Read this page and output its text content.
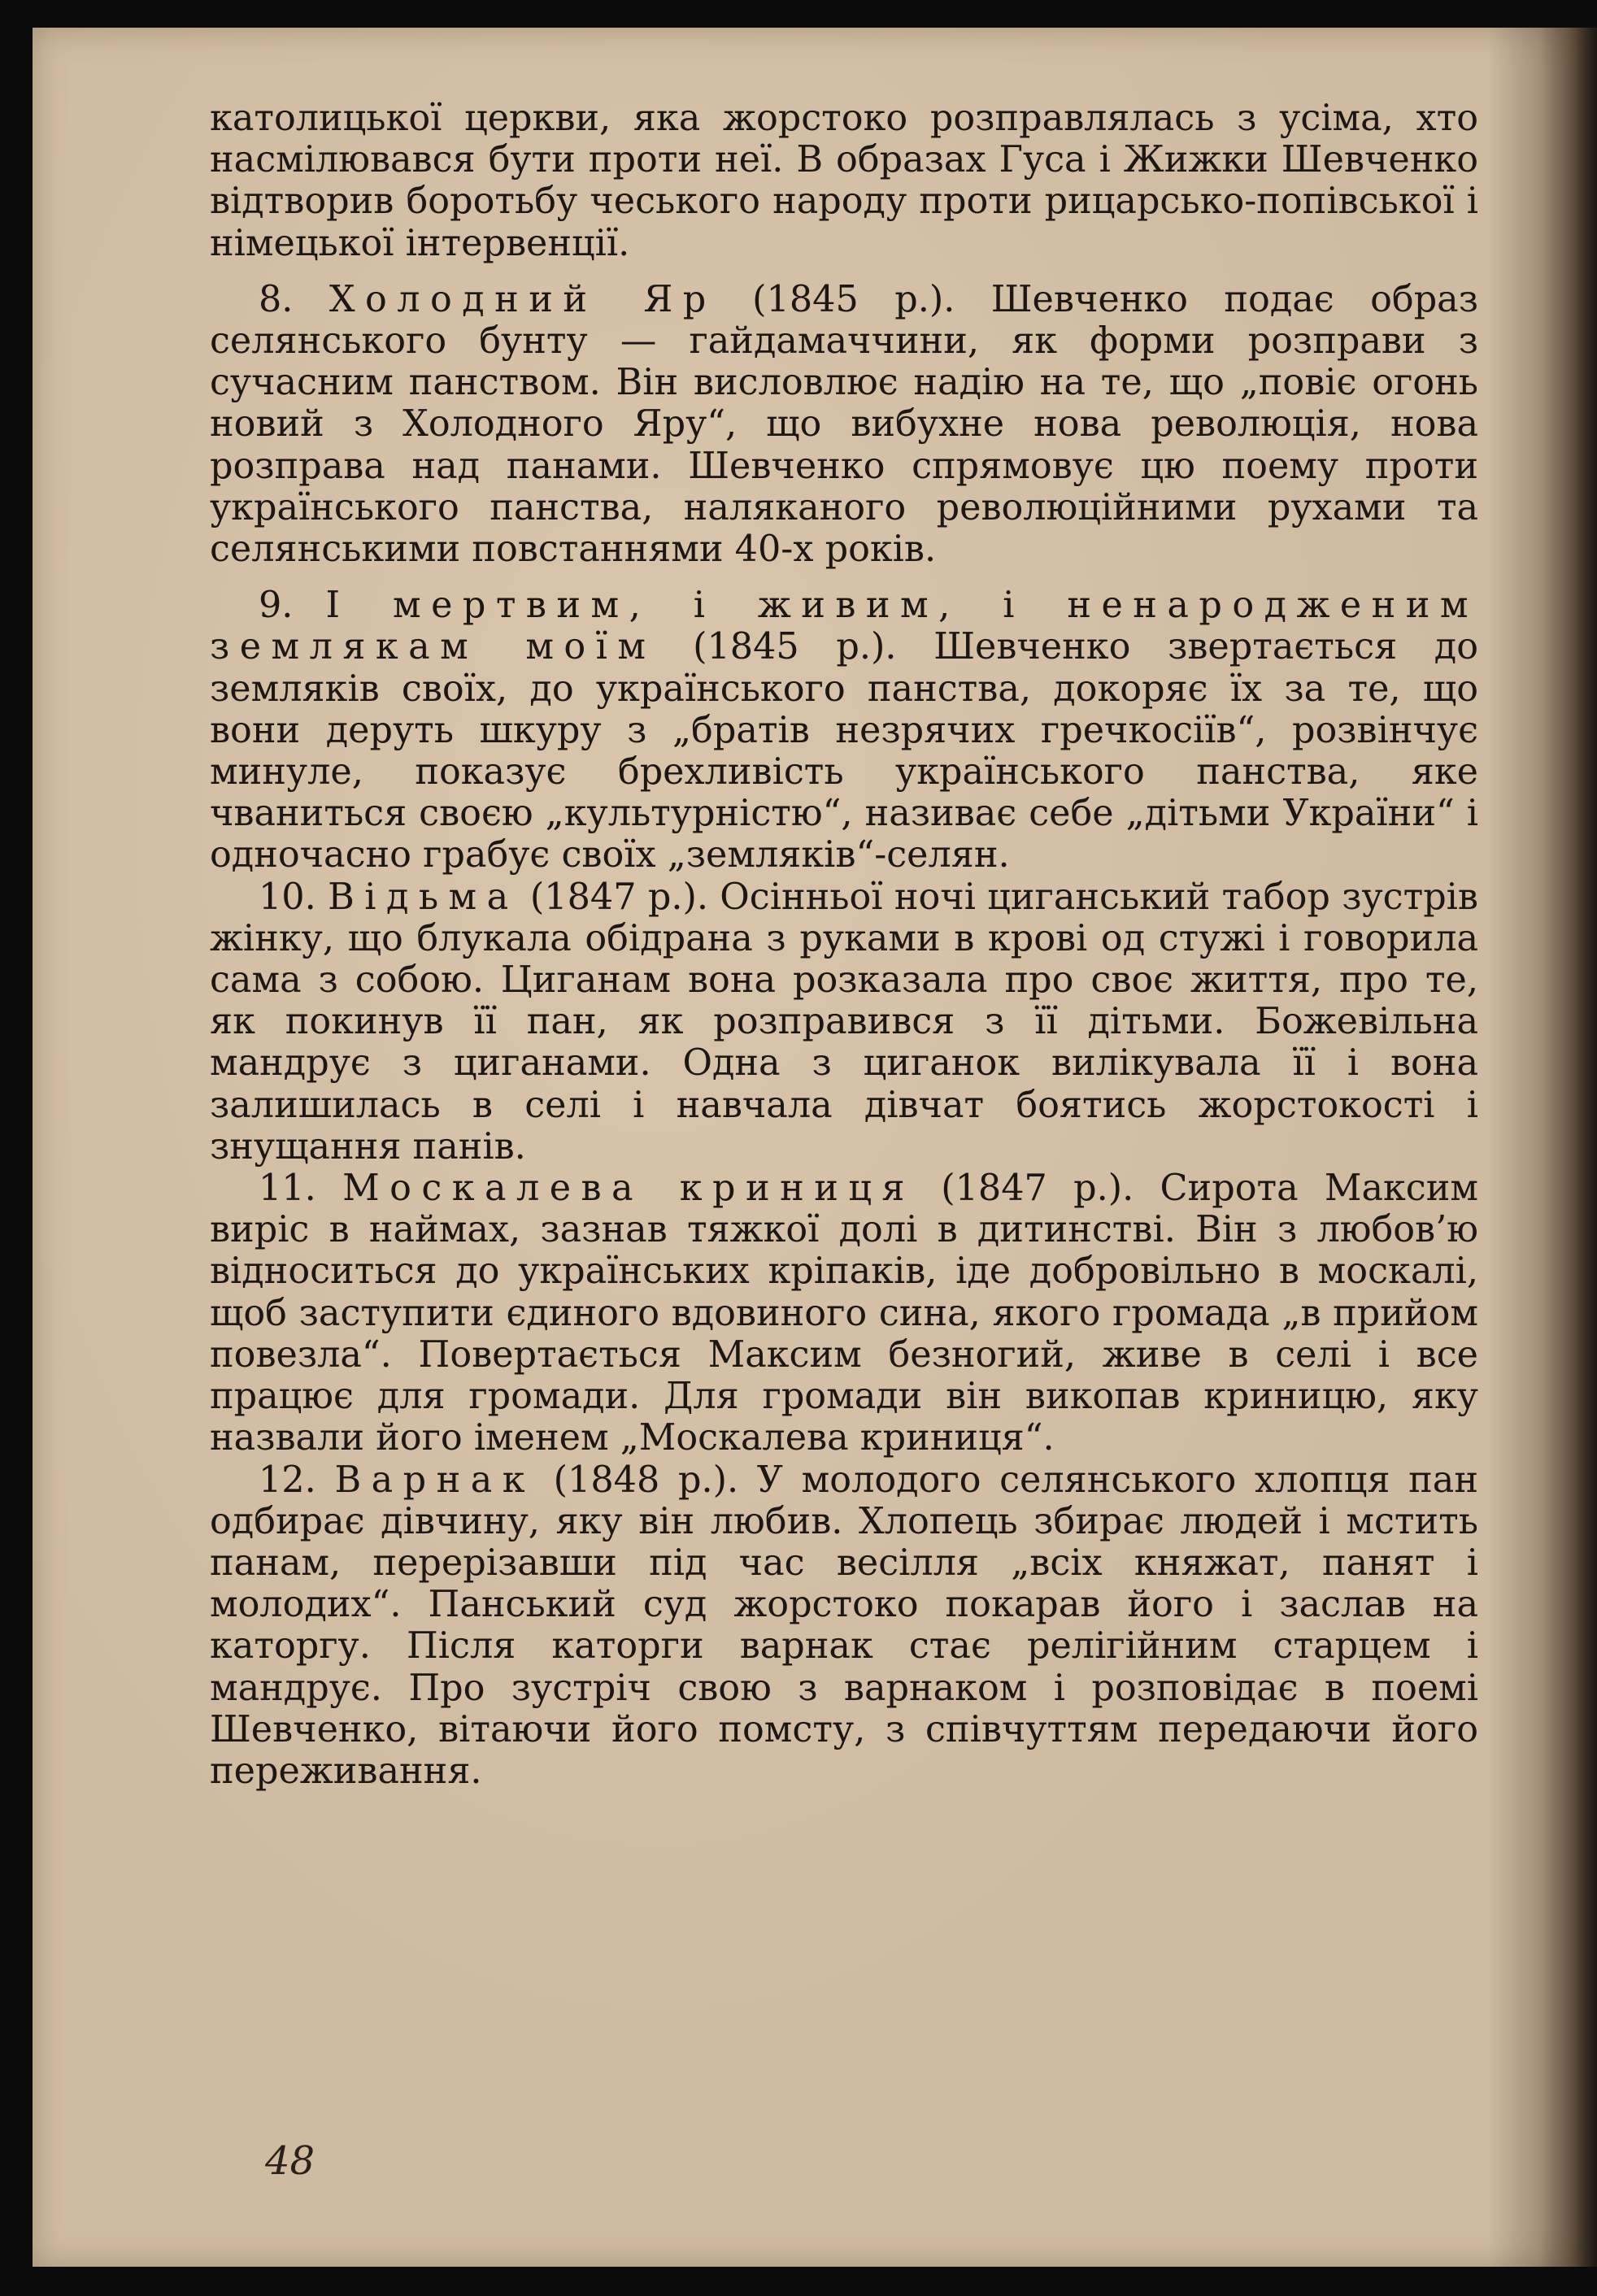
католицької церкви, яка жорстоко розправлялась з усіма, хто насмілювався бути проти неї. В образах Гуса і Жижки Шевченко відтворив боротьбу чеського народу проти рицарсько-попівської і німецької інтервенції.

8. Холодний Яр (1845 р.). Шевченко подає образ селянського бунту — гайдамаччини, як форми розправи з сучасним панством. Він висловлює надію на те, що „повіє огонь новий з Холодного Яру“, що вибухне нова революція, нова розправа над панами. Шевченко спрямовує цю поему проти українського панства, наляканого революційними рухами та селянськими повстаннями 40-х років.

9. І мертвим, і живим, і ненародженим землякам моїм (1845 р.). Шевченко звертається до земляків своїх, до українського панства, докоряє їх за те, що вони деруть шкуру з „братів незрячих гречкосіїв“, розвінчує минуле, показує брехливість українського панства, яке чваниться своєю „культурністю“, називає себе „дітьми України“ і одночасно грабує своїх „земляків“-селян.

10. Відьма (1847 р.). Осінньої ночі циганський табор зустрів жінку, що блукала обідрана з руками в крові од стужі і говорила сама з собою. Циганам вона розказала про своє життя, про те, як покинув її пан, як розправився з її дітьми. Божевільна мандрує з циганами. Одна з циганок вилікувала її і вона залишилась в селі і навчала дівчат боятись жорстокості і знущання панів.

11. Москалева криниця (1847 р.). Сирота Максим виріс в наймах, зазнав тяжкої долі в дитинстві. Він з любов’ю відноситься до українських кріпаків, іде добровільно в москалі, щоб заступити єдиного вдовиного сина, якого громада „в прийом повезла“. Повертається Максим безногий, живе в селі і все працює для громади. Для громади він викопав криницю, яку назвали його іменем „Москалева криниця“.

12. Варнак (1848 р.). У молодого селянського хлопця пан одбирає дівчину, яку він любив. Хлопець збирає людей і мстить панам, перерізавши під час весілля „всіх княжат, панят і молодих“. Панський суд жорстоко покарав його і заслав на каторгу. Після каторги варнак стає релігійним старцем і мандрує. Про зустріч свою з варнаком і розповідає в поемі Шевченко, вітаючи його помсту, з співчуттям передаючи його переживання.

48
